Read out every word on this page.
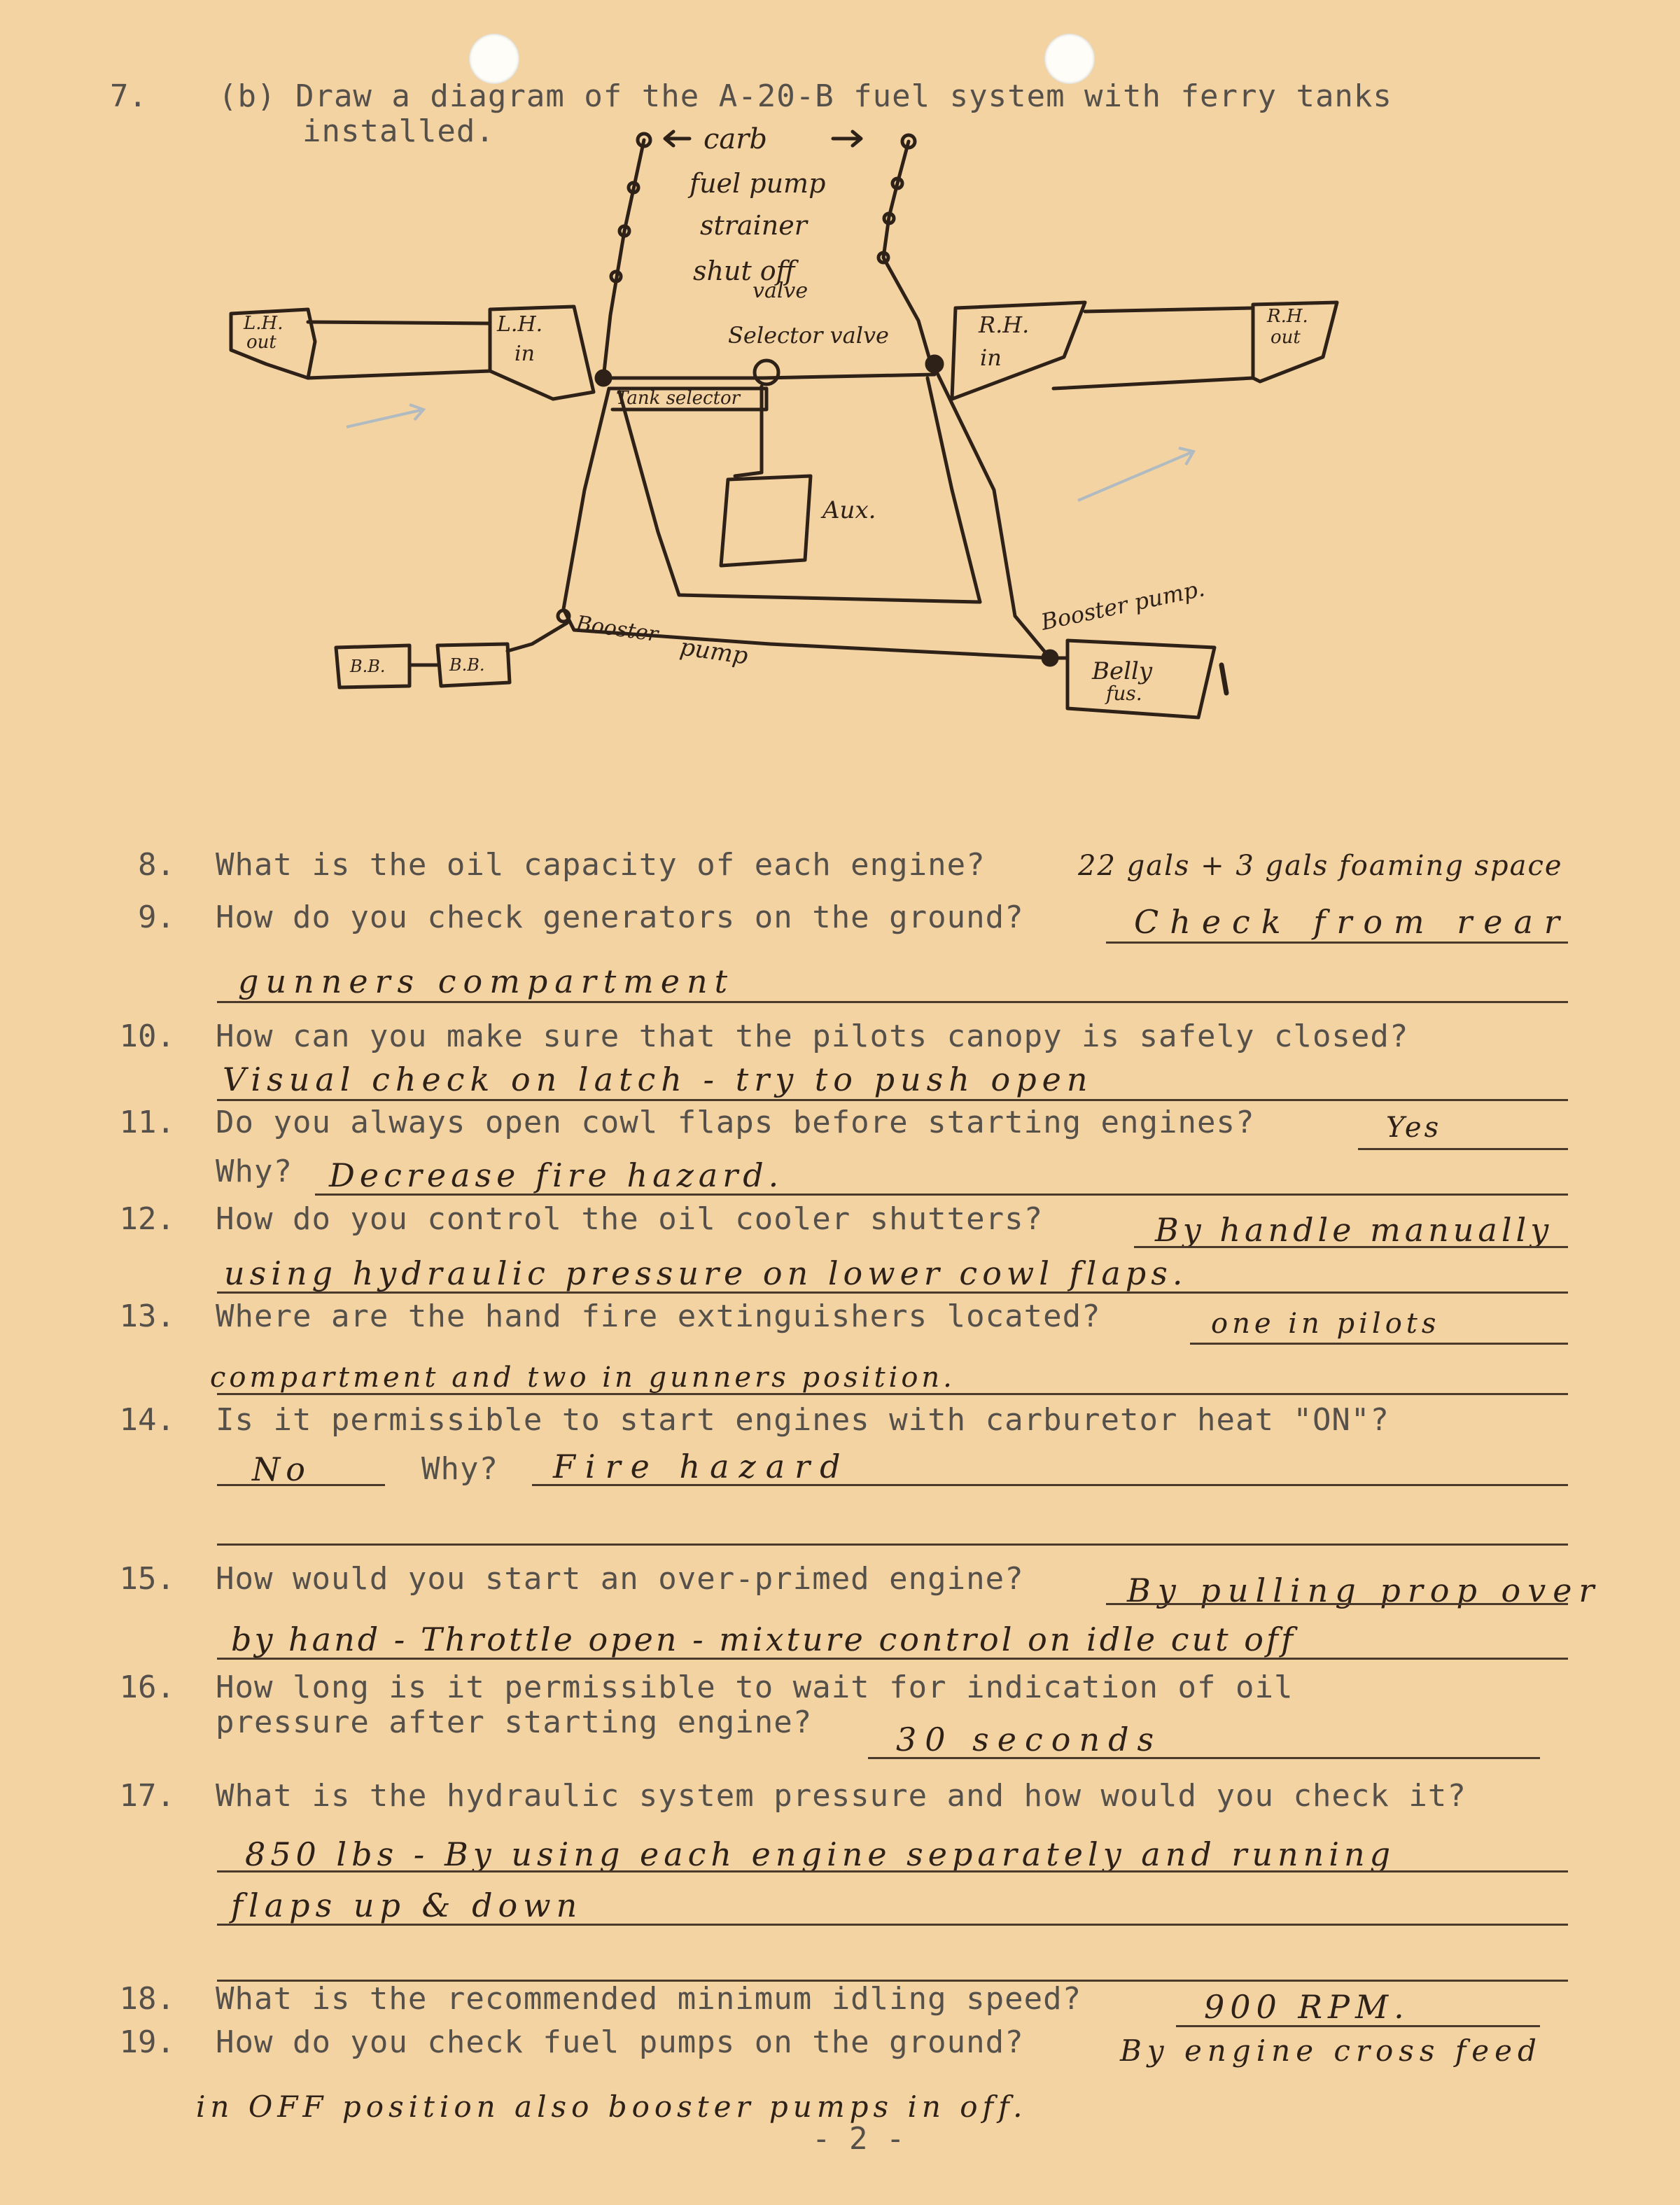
7. (b) Draw a diagram of the A-20-B fuel system with ferry tanks
installed.	carb
fuel pump
strainer
shut off
valve
Selector valve
Tank selector
L.H.
out
L.H.
in
R.H.
in
R.H.
out
Aux.
Booster
pump
Booster pump.
B.B.	B.B.	Belly
fus.
8. What is the oil capacity of each engine?	22 gals + 3 gals foaming space
9. How do you check generators on the ground?	Check from rear
gunners compartment
10. How can you make sure that the pilots canopy is safely closed?
Visual check on latch - try to push open
11. Do you always open cowl flaps before starting engines?	Yes
Why? Decrease fire hazard.
12. How do you control the oil cooler shutters?	By handle manually
using hydraulic pressure on lower cowl flaps.
13. Where are the hand fire extinguishers located?	one in pilots
compartment and two in gunners position.
14. Is it permissible to start engines with carburetor heat "ON"?
No	Why? Fire hazard
15. How would you start an over-primed engine?	By pulling prop over
by hand - Throttle open - mixture control on idle cut off
16. How long is it permissible to wait for indication of oil
pressure after starting engine?	30 seconds
17. What is the hydraulic system pressure and how would you check it?
850 lbs - By using each engine separately and running
flaps up & down
18. What is the recommended minimum idling speed?	900 RPM.
19. How do you check fuel pumps on the ground?	By engine cross feed
in OFF position also booster pumps in off.
- 2 -
